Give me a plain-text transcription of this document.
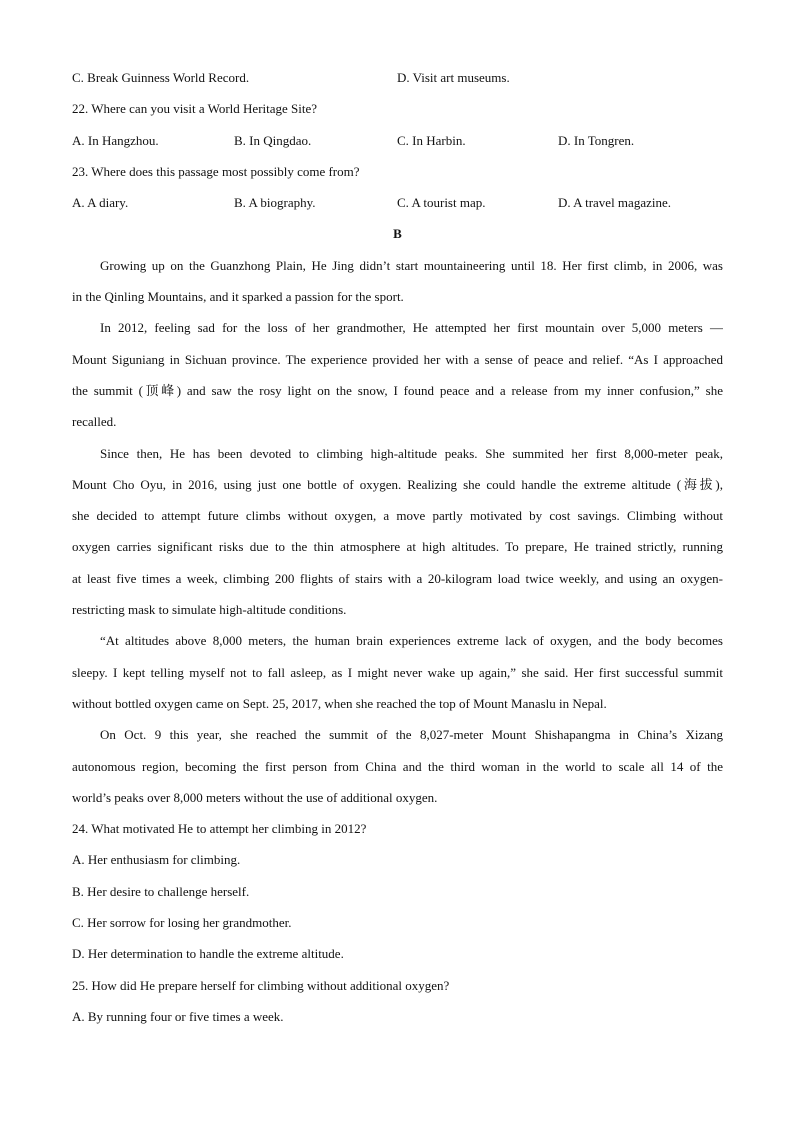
C. Break Guinness World Record.	D. Visit art museums.
22. Where can you visit a World Heritage Site?
A. In Hangzhou.	B. In Qingdao.	C. In Harbin.	D. In Tongren.
23. Where does this passage most possibly come from?
A. A diary.	B. A biography.	C. A tourist map.	D. A travel magazine.
B

Growing up on the Guanzhong Plain, He Jing didn’t start mountaineering until 18. Her first climb, in 2006, was

in the Qinling Mountains, and it sparked a passion for the sport.

In 2012, feeling sad for the loss of her grandmother, He attempted her first mountain over 5,000 meters —

Mount Siguniang in Sichuan province. The experience provided her with a sense of peace and relief. “As I approached

the summit (顶峰) and saw the rosy light on the snow, I found peace and a release from my inner confusion,” she

recalled.

Since then, He has been devoted to climbing high-altitude peaks. She summited her first 8,000-meter peak,

Mount Cho Oyu, in 2016, using just one bottle of oxygen. Realizing she could handle the extreme altitude (海拔),

she decided to attempt future climbs without oxygen, a move partly motivated by cost savings. Climbing without

oxygen carries significant risks due to the thin atmosphere at high altitudes. To prepare, He trained strictly, running

at least five times a week, climbing 200 flights of stairs with a 20-kilogram load twice weekly, and using an oxygen-

restricting mask to simulate high-altitude conditions.

“At altitudes above 8,000 meters, the human brain experiences extreme lack of oxygen, and the body becomes

sleepy. I kept telling myself not to fall asleep, as I might never wake up again,” she said. Her first successful summit

without bottled oxygen came on Sept. 25, 2017, when she reached the top of Mount Manaslu in Nepal.

On Oct. 9 this year, she reached the summit of the 8,027-meter Mount Shishapangma in China’s Xizang

autonomous region, becoming the first person from China and the third woman in the world to scale all 14 of the

world’s peaks over 8,000 meters without the use of additional oxygen.

24. What motivated He to attempt her climbing in 2012?
A. Her enthusiasm for climbing.
B. Her desire to challenge herself.
C. Her sorrow for losing her grandmother.
D. Her determination to handle the extreme altitude.
25. How did He prepare herself for climbing without additional oxygen?
A. By running four or five times a week.
